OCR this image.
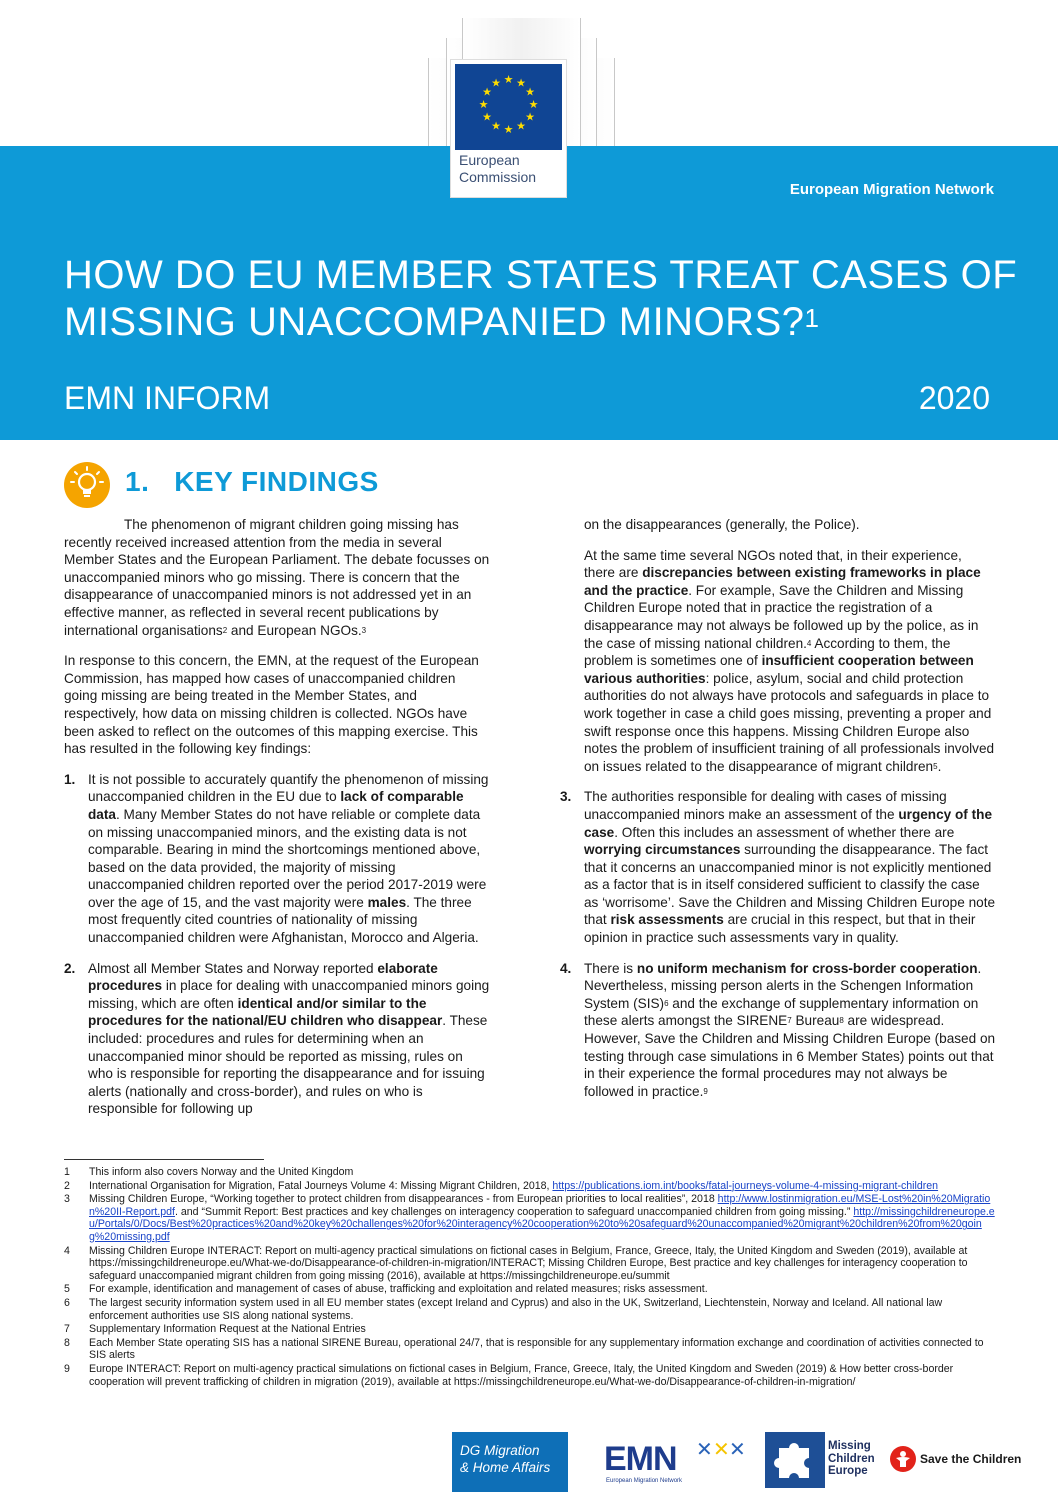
★ ★
★
★
★
★
★
★
★
★
★
★
European
Commission
European Migration Network
HOW DO EU MEMBER STATES TREAT CASES OF MISSING UNACCOMPANIED MINORS?$^1$
EMN INFORM	2020
1. KEY FINDINGS

The phenomenon of migrant children going missing has recently received increased attention from the media in several Member States and the European Parliament. The debate focusses on unaccompanied minors who go missing. There is concern that the disappearance of unaccompanied minors is not addressed yet in an effective manner, as reflected in several recent publications by international organisations$^2$ and European NGOs.$^3$

In response to this concern, the EMN, at the request of the European Commission, has mapped how cases of unaccompanied children going missing are being treated in the Member States, and respectively, how data on missing children is collected. NGOs have been asked to reflect on the outcomes of this mapping exercise. This has resulted in the following key findings:

1. It is not possible to accurately quantify the phenomenon of missing unaccompanied children in the EU due to lack of comparable data. Many Member States do not have reliable or complete data on missing unaccompanied minors, and the existing data is not comparable. Bearing in mind the shortcomings mentioned above, based on the data provided, the majority of missing unaccompanied children reported over the period 2017-2019 were over the age of 15, and the vast majority were males. The three most frequently cited countries of nationality of missing unaccompanied children were Afghanistan, Morocco and Algeria.
2. Almost all Member States and Norway reported elaborate procedures in place for dealing with unaccompanied minors going missing, which are often identical and/or similar to the procedures for the national/EU children who disappear. These included: procedures and rules for determining when an unaccompanied minor should be reported as missing, rules on who is responsible for reporting the disappearance and for issuing alerts (nationally and cross-border), and rules on who is responsible for following up

on the disappearances (generally, the Police).

At the same time several NGOs noted that, in their experience, there are discrepancies between existing frameworks in place and the practice. For example, Save the Children and Missing Children Europe noted that in practice the registration of a disappearance may not always be followed up by the police, as in the case of missing national children.$^4$ According to them, the problem is sometimes one of insufficient cooperation between various authorities: police, asylum, social and child protection authorities do not always have protocols and safeguards in place to work together in case a child goes missing, preventing a proper and swift response once this happens. Missing Children Europe also notes the problem of insufficient training of all professionals involved on issues related to the disappearance of migrant children$^5$.

3. The authorities responsible for dealing with cases of missing unaccompanied minors make an assessment of the urgency of the case. Often this includes an assessment of whether there are worrying circumstances surrounding the disappearance. The fact that it concerns an unaccompanied minor is not explicitly mentioned as a factor that is in itself considered sufficient to classify the case as ‘worrisome’. Save the Children and Missing Children Europe note that risk assessments are crucial in this respect, but that in their opinion in practice such assessments vary in quality.
4. There is no uniform mechanism for cross-border cooperation. Nevertheless, missing person alerts in the Schengen Information System (SIS)$^6$ and the exchange of supplementary information on these alerts amongst the SIRENE$^7$ Bureau$^8$ are widespread. However, Save the Children and Missing Children Europe (based on testing through case simulations in 6 Member States) points out that in their experience the formal procedures may not always be followed in practice.$^9$
1 This inform also covers Norway and the United Kingdom
2 International Organisation for Migration, Fatal Journeys Volume 4: Missing Migrant Children, 2018, https://publications.iom.int/books/fatal-journeys-volume-4-missing-migrant-children
3 Missing Children Europe, “Working together to protect children from disappearances - from European priorities to local realities”, 2018 http://www.lostinmigration.eu/MSE-Lost%20in%20Migration%20II-Report.pdf. and “Summit Report: Best practices and key challenges on interagency cooperation to safeguard unaccompanied children from going missing.” http://missingchildreneurope.eu/Portals/0/Docs/Best%20practices%20and%20key%20challenges%20for%20interagency%20cooperation%20to%20safeguard%20unaccompanied%20migrant%20children%20from%20going%20missing.pdf
4 Missing Children Europe INTERACT: Report on multi-agency practical simulations on fictional cases in Belgium, France, Greece, Italy, the United Kingdom and Sweden (2019), available at https://missingchildreneurope.eu/What-we-do/Disappearance-of-children-in-migration/INTERACT; Missing Children Europe, Best practice and key challenges for interagency cooperation to safeguard unaccompanied migrant children from going missing (2016), available at https://missingchildreneurope.eu/summit
5 For example, identification and management of cases of abuse, trafficking and exploitation and related measures; risks assessment.
6 The largest security information system used in all EU member states (except Ireland and Cyprus) and also in the UK, Switzerland, Liechtenstein, Norway and Iceland. All national law enforcement authorities use SIS along national systems.
7 Supplementary Information Request at the National Entries
8 Each Member State operating SIS has a national SIRENE Bureau, operational 24/7, that is responsible for any supplementary information exchange and coordination of activities connected to SIS alerts
9 Europe INTERACT: Report on multi-agency practical simulations on fictional cases in Belgium, France, Greece, Italy, the United Kingdom and Sweden (2019) & How better cross-border cooperation will prevent trafficking of children in migration (2019), available at https://missingchildreneurope.eu/What-we-do/Disappearance-of-children-in-migration/
DG Migration
& Home Affairs	EMN ✕ ✕ ✕
European Migration Network
Missing
Children
Europe
Save the Children
